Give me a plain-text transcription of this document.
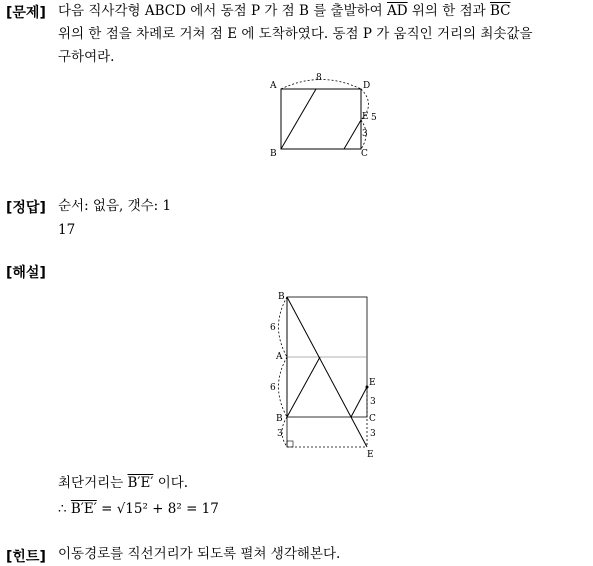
[문제] 다음 직사각형 ABCD 에서 동점 P 가 점 B 를 출발하여 $\overline{AD}$ 위의 한 점과 $\overline{BC}$
위의 한 점을 차례로 거쳐 점 E 에 도착하였다. 동점 P 가 움직인 거리의 최솟값을
구하여라.
A	D
B	C
E
8
5
3
[정답] 순서: 없음, 갯수: 1
17
[해설]
B
A
B
E
C
E
6
6
3
3
3
최단거리는 B′E′ 이다.
∴ B′E′ = √15² + 8² = 17
[힌트] 이동경로를 직선거리가 되도록 펼쳐 생각해본다.
